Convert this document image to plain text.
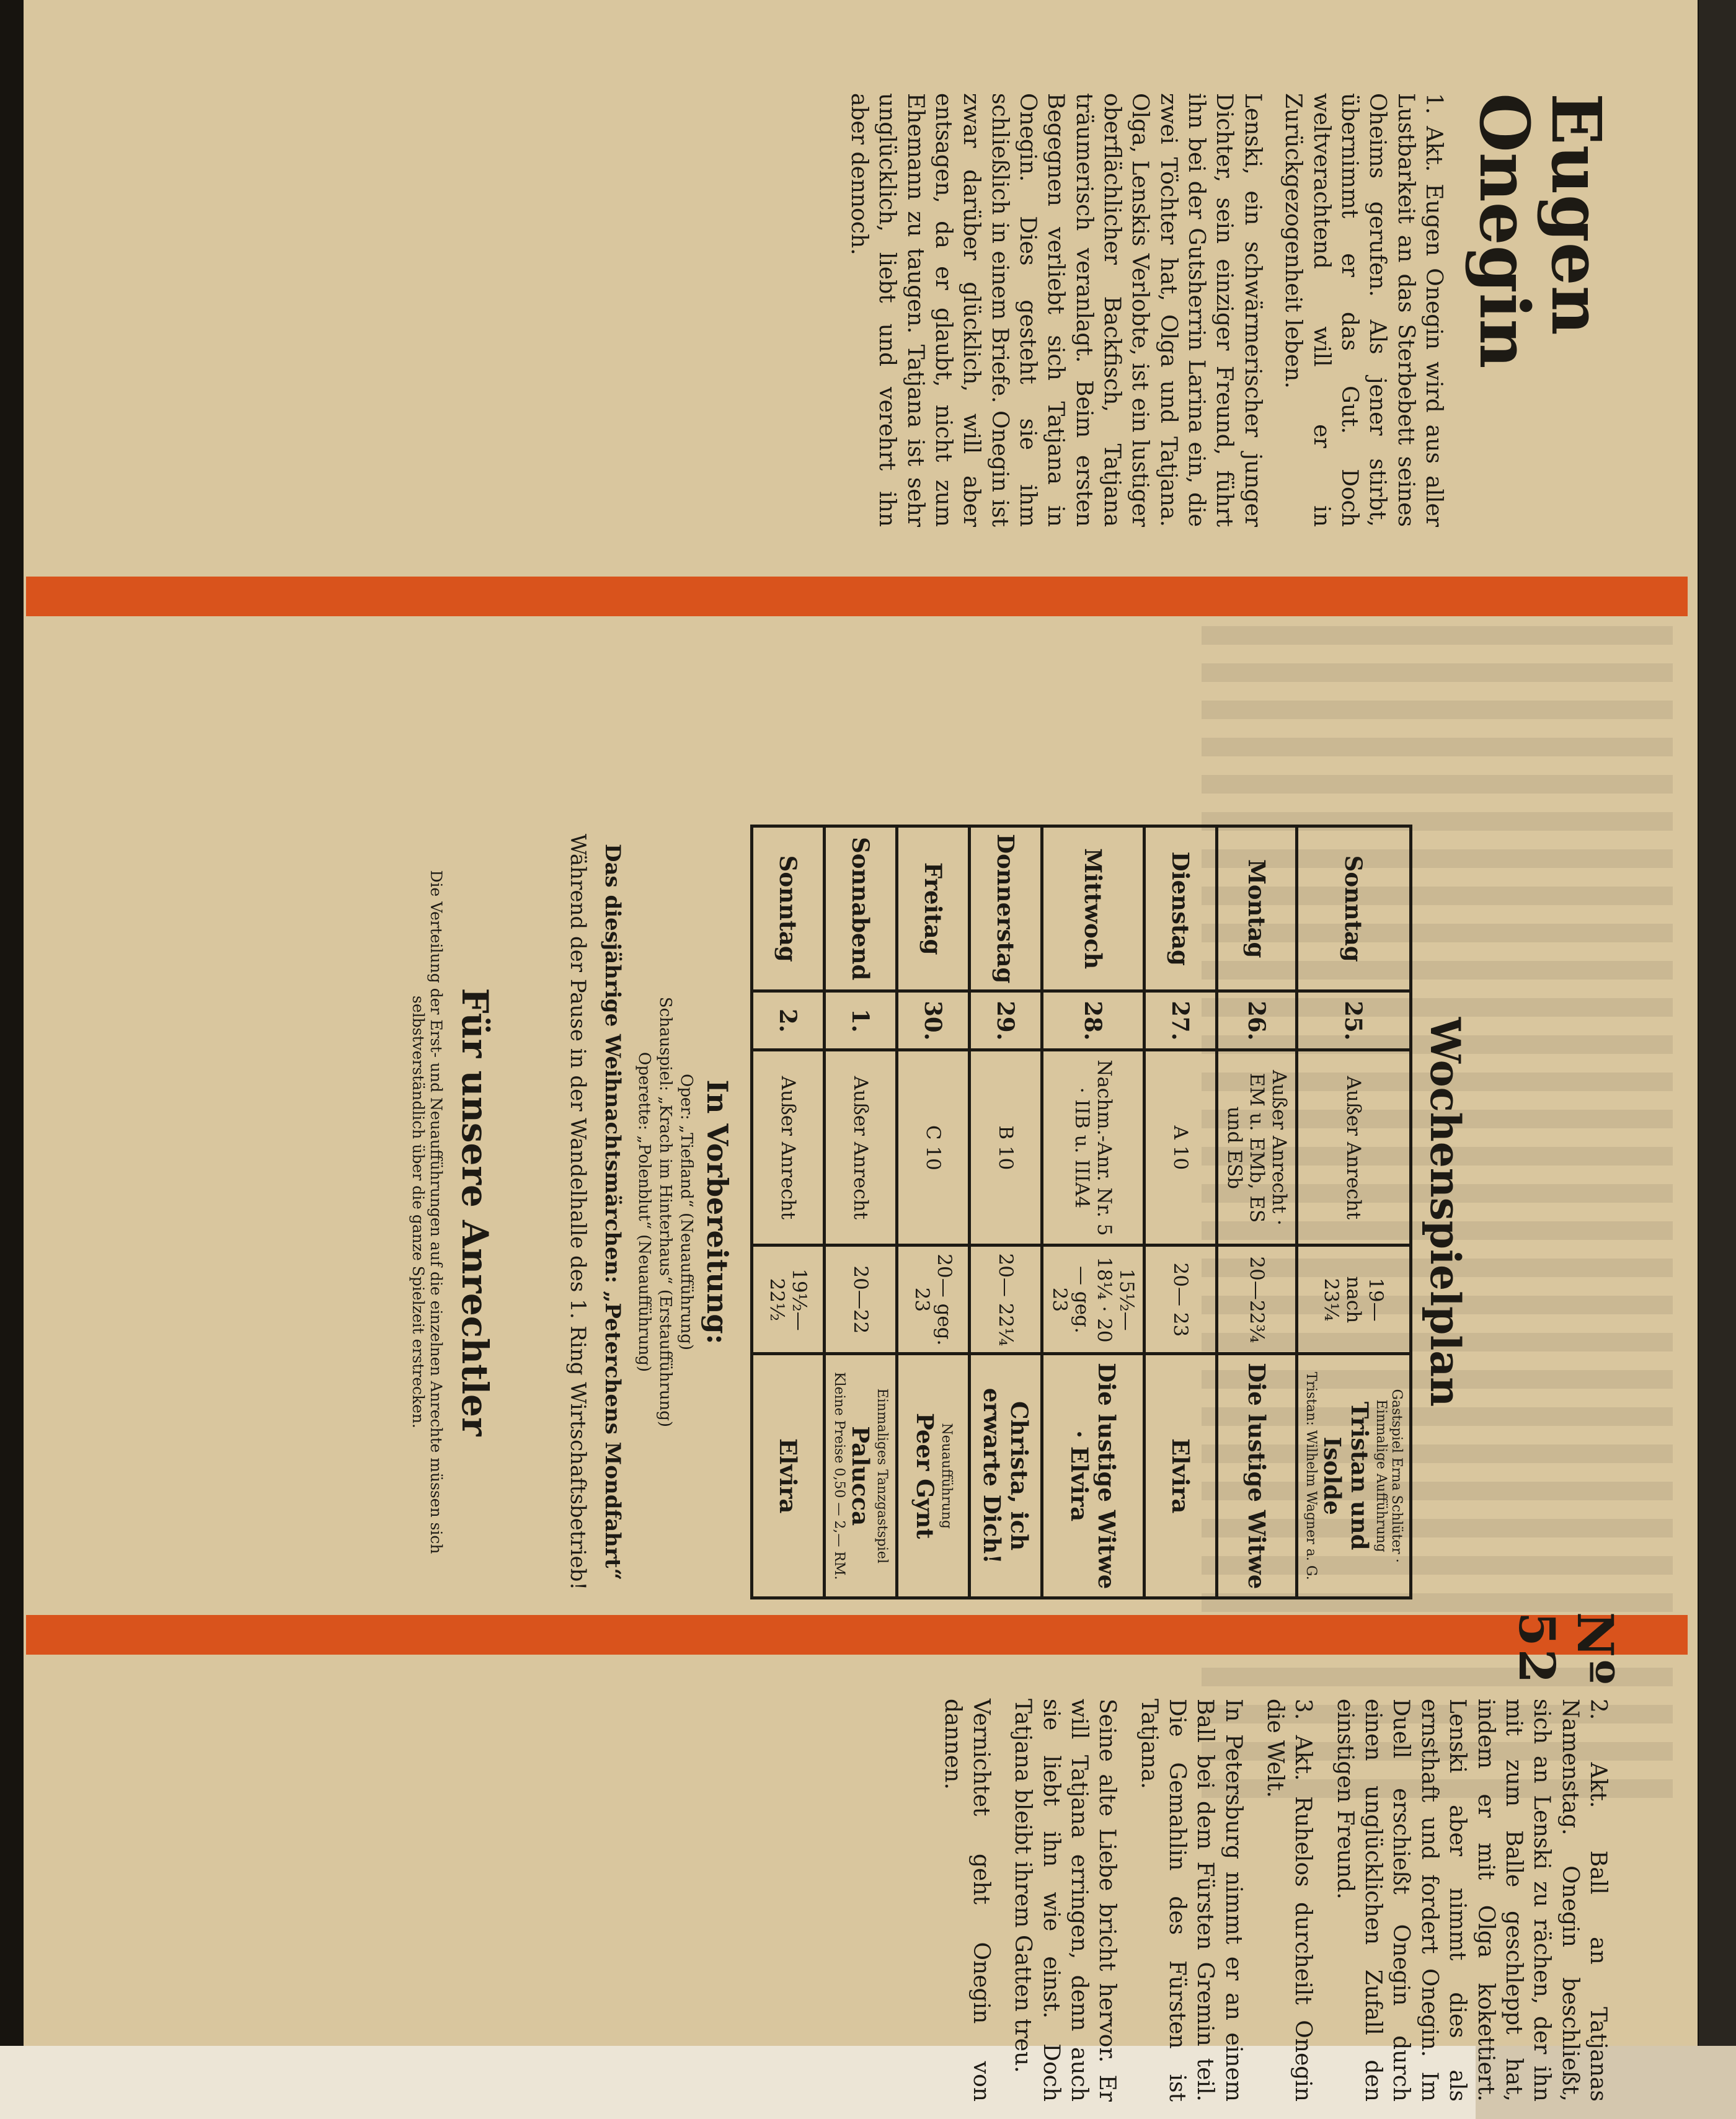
Eugen Onegin

1. Akt. Eugen Onegin wird aus aller Lustbarkeit an das Sterbebett seines Oheims gerufen. Als jener stirbt, übernimmt er das Gut. Doch weltverachtend will er in Zurückgezogenheit leben.

Lenski, ein schwärmerischer junger Dichter, sein einziger Freund, führt ihn bei der Gutsherrin Larina ein, die zwei Töchter hat, Olga und Tatjana. Olga, Lenskis Verlobte, ist ein lustiger oberflächlicher Backfisch, Tatjana träumerisch veranlagt. Beim ersten Begegnen verliebt sich Tatjana in Onegin. Dies gesteht sie ihm schließlich in einem Briefe. Onegin ist zwar darüber glücklich, will aber entsagen, da er glaubt, nicht zum Ehemann zu taugen. Tatjana ist sehr unglücklich, liebt und verehrt ihn aber dennoch.

Wochenspielplan
Sonntag	25.	Außer Anrecht	19— nach 23¼	Gastspiel Erna Schlüter · Einmalige Aufführung
Tristan und Isolde
Tristan: Wilhelm Wagner a. G.

Montag	26.	Außer Anrecht · EM u. EMb, ES und ESb	20—22¾	Die lustige Witwe
Dienstag	27.	A 10	20— 23	Elvira
Mittwoch	28.	Nachm.-Anr. Nr. 5 · IIB u. IIIA4	15½— 18¼ · 20— geg. 23	Die lustige Witwe · Elvira
Donnerstag	29.	B 10	20— 22¼	Christa, ich erwarte Dich!
Freitag	30.	C 10	20— geg. 23	Neuaufführung
Peer Gynt
Sonnabend	1.	Außer Anrecht	20—22	Einmaliges Tanzgastspiel
Palucca
Kleine Preise 0,50 — 2,— RM.

Sonntag	2.	Außer Anrecht	19½— 22½	Elvira
In Vorbereitung:
Oper: „Tiefland“ (Neuaufführung)
Schauspiel: „Krach im Hinterhaus“ (Erstaufführung)
Operette: „Polenblut“ (Neuaufführung)
Das diesjährige Weihnachtsmärchen: „Peterchens Mondfahrt“
Während der Pause in der Wandelhalle des 1. Ring Wirtschaftsbetrieb!
Für unsere Anrechtler
Die Verteilung der Erst- und Neuaufführungen auf die einzelnen Anrechte müssen sich selbstverständlich über die ganze Spielzeit erstrecken.
Nº 52

2. Akt. Ball an Tatjanas Namenstag. Onegin beschließt, sich an Lenski zu rächen, der ihn mit zum Balle geschleppt hat, indem er mit Olga kokettiert. Lenski aber nimmt dies als ernsthaft und fordert Onegin. Im Duell erschießt Onegin durch einen unglücklichen Zufall den einstigen Freund.

3. Akt. Ruhelos durcheilt Onegin die Welt.

In Petersburg nimmt er an einem Ball bei dem Fürsten Gremin teil. Die Gemahlin des Fürsten ist Tatjana.

Seine alte Liebe bricht hervor. Er will Tatjana erringen, denn auch sie liebt ihn wie einst. Doch Tatjana bleibt ihrem Gatten treu.

Vernichtet geht Onegin von dannen.
